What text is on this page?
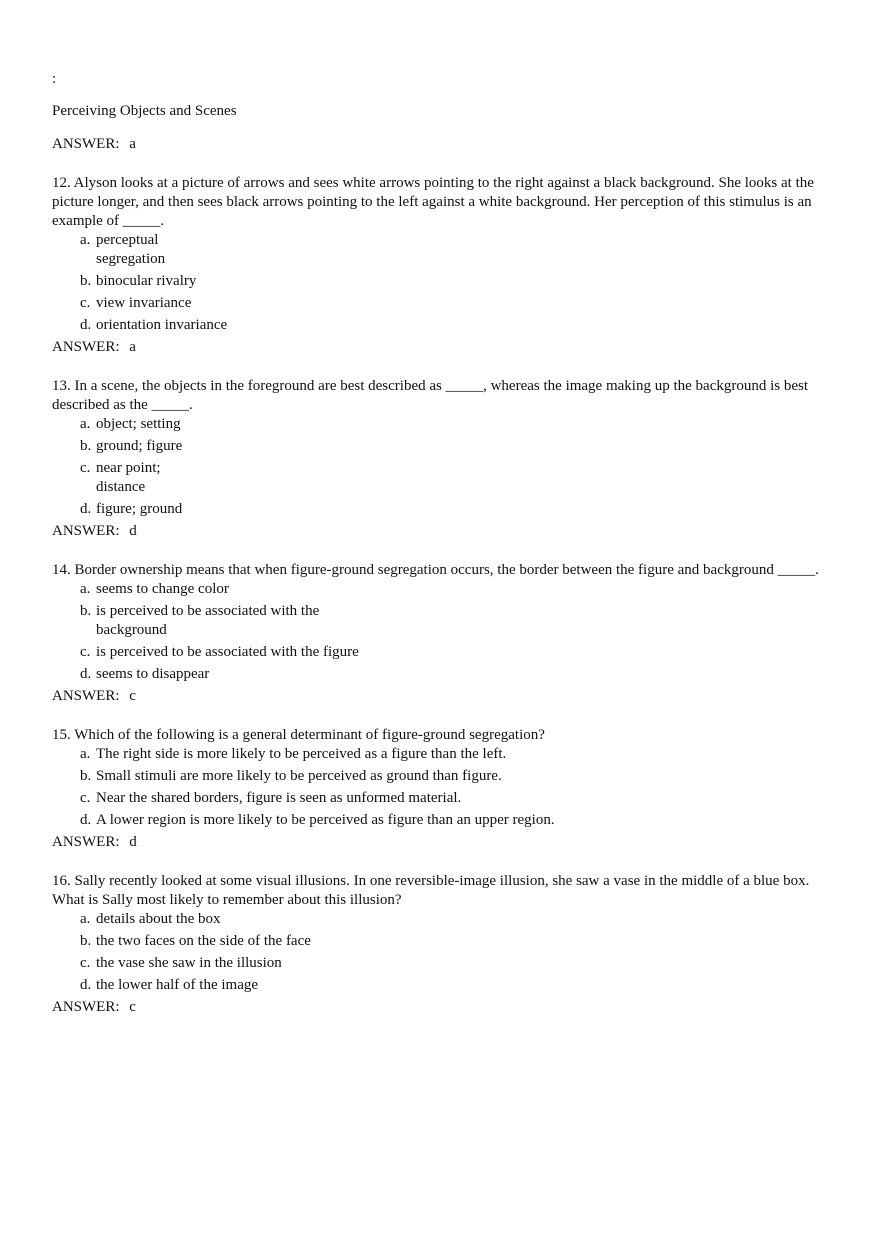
:

Perceiving Objects and Scenes

ANSWER: a

12. Alyson looks at a picture of arrows and sees white arrows pointing to the right against a black background. She looks at the picture longer, and then sees black arrows pointing to the left against a white background. Her perception of this stimulus is an example of _____.

a. perceptual segregation
b. binocular rivalry
c. view invariance
d. orientation invariance

ANSWER: a

13. In a scene, the objects in the foreground are best described as _____, whereas the image making up the background is best described as the _____.

a. object; setting
b. ground; figure
c. near point; distance
d. figure; ground

ANSWER: d

14. Border ownership means that when figure-ground segregation occurs, the border between the figure and background _____.

a. seems to change color
b. is perceived to be associated with the background
c. is perceived to be associated with the figure
d. seems to disappear

ANSWER: c

15. Which of the following is a general determinant of figure-ground segregation?

a. The right side is more likely to be perceived as a figure than the left.
b. Small stimuli are more likely to be perceived as ground than figure.
c. Near the shared borders, figure is seen as unformed material.
d. A lower region is more likely to be perceived as figure than an upper region.

ANSWER: d

16. Sally recently looked at some visual illusions. In one reversible-image illusion, she saw a vase in the middle of a blue box. What is Sally most likely to remember about this illusion?

a. details about the box
b. the two faces on the side of the face
c. the vase she saw in the illusion
d. the lower half of the image

ANSWER: c
